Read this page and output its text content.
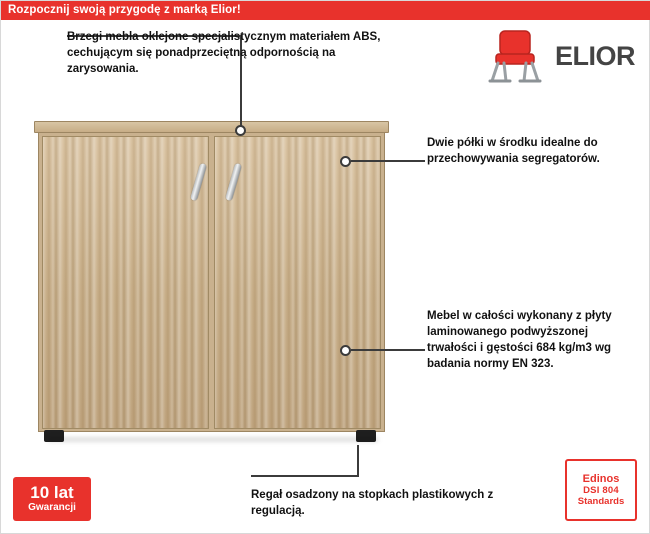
Rozpocznij swoją przygodę z marką Elior!
ELIOR
Brzegi mebla oklejone specjalistycznym materiałem ABS, cechującym się ponadprzeciętną odpornością na zarysowania.
Dwie półki w środku idealne do przechowywania segregatorów.
Mebel w całości wykonany z płyty laminowanego podwyższonej trwałości i gęstości 684 kg/m3 wg badania normy EN 323.
Regał osadzony na stopkach plastikowych z regulacją.
10 lat
Gwarancji
Edinos
DSI 804
Standards
